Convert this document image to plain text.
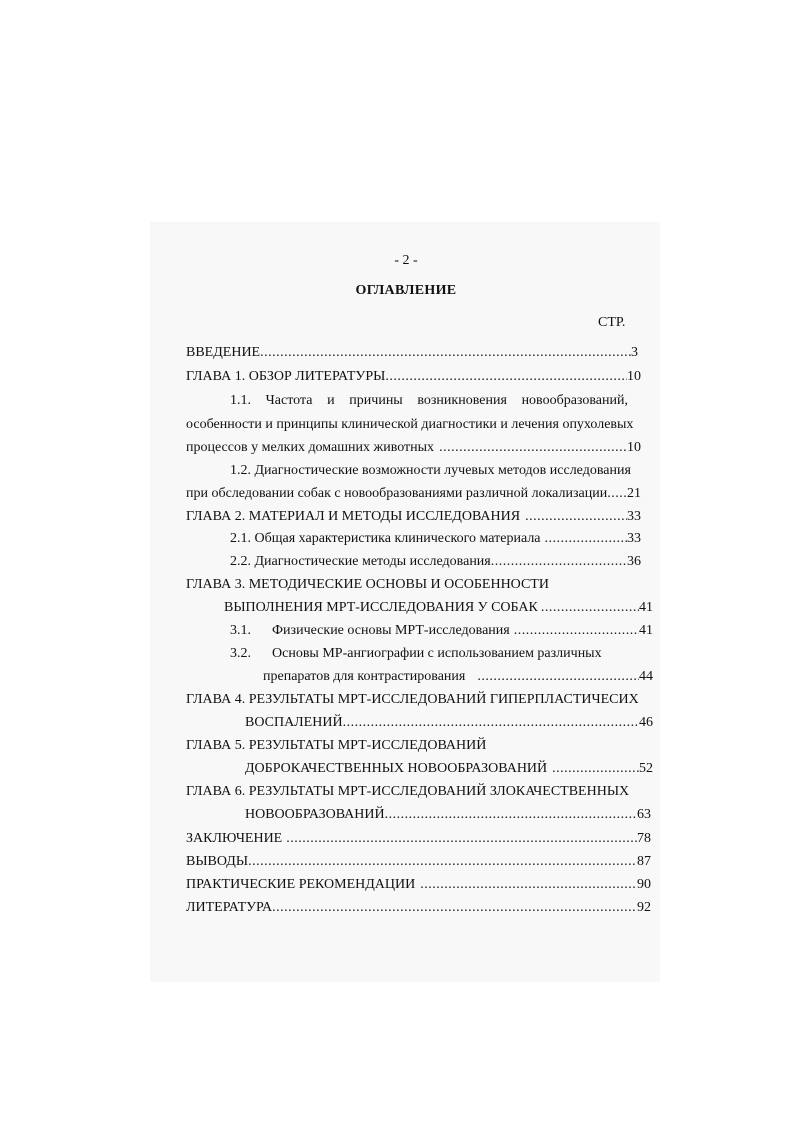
- 2 -
ОГЛАВЛЕНИЕ
СТР.
ВВЕДЕНИЕ .....	3
ГЛАВА 1. ОБЗОР ЛИТЕРАТУРЫ .....	10
1.1. Частота и причины возникновения новообразований,
особенности и принципы клинической диагностики и лечения опухолевых
процессов у мелких домашних животных .....	10
1.2. Диагностические возможности лучевых методов исследования
при обследовании собак с новообразованиями различной локализации ..... 21
ГЛАВА 2. МАТЕРИАЛ И МЕТОДЫ ИССЛЕДОВАНИЯ .....	33
2.1. Общая характеристика клинического материала .....	33
2.2. Диагностические методы исследования .....	36
ГЛАВА 3. МЕТОДИЧЕСКИЕ ОСНОВЫ И ОСОБЕННОСТИ
ВЫПОЛНЕНИЯ МРТ-ИССЛЕДОВАНИЯ У СОБАК .....	41
3.1.	Физические основы МРТ-исследования .....	41
3.2. Основы МР-ангиографии с использованием различных
препаратов для контрастирования .....	44
ГЛАВА 4. РЕЗУЛЬТАТЫ МРТ-ИССЛЕДОВАНИЙ ГИПЕРПЛАСТИЧЕСИХ
ВОСПАЛЕНИЙ .....	46
ГЛАВА 5. РЕЗУЛЬТАТЫ МРТ-ИССЛЕДОВАНИЙ
ДОБРОКАЧЕСТВЕННЫХ НОВООБРАЗОВАНИЙ .....	52
ГЛАВА 6. РЕЗУЛЬТАТЫ МРТ-ИССЛЕДОВАНИЙ ЗЛОКАЧЕСТВЕННЫХ
НОВООБРАЗОВАНИЙ .....	63
ЗАКЛЮЧЕНИЕ .....	78
ВЫВОДЫ .....	87
ПРАКТИЧЕСКИЕ РЕКОМЕНДАЦИИ .....	90
ЛИТЕРАТУРА .....	92
